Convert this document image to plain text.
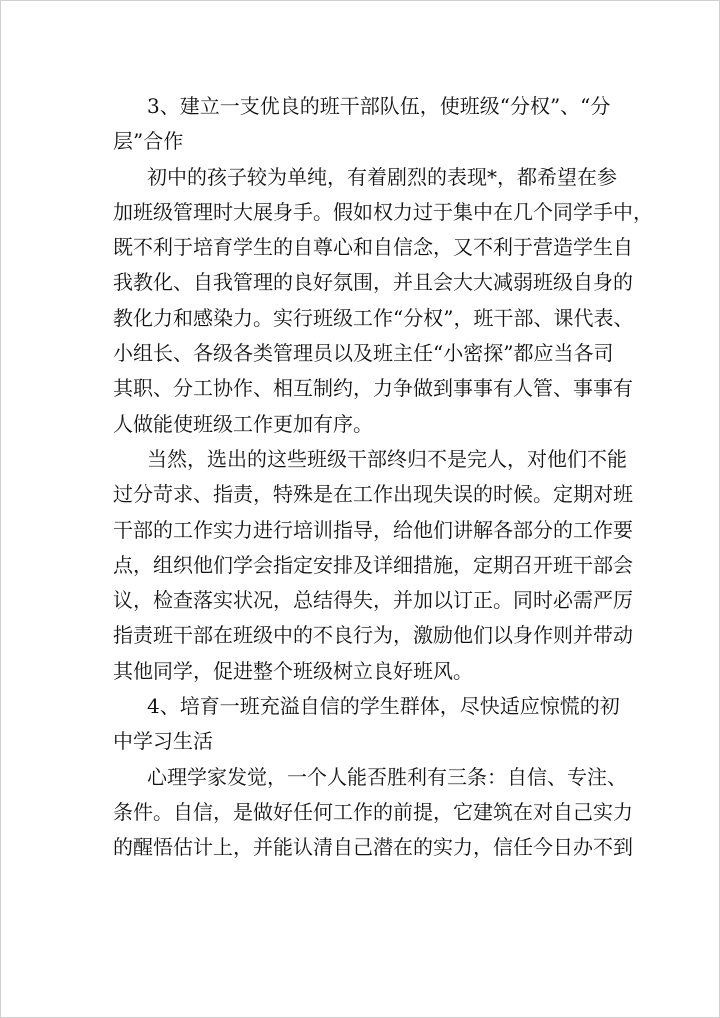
3、建立一支优良的班干部队伍，使班级“分权”、“分
层”合作
初中的孩子较为单纯，有着剧烈的表现*，都希望在参
加班级管理时大展身手。假如权力过于集中在几个同学手中，
既不利于培育学生的自尊心和自信念，又不利于营造学生自
我教化、自我管理的良好氛围，并且会大大减弱班级自身的
教化力和感染力。实行班级工作“分权”，班干部、课代表、
小组长、各级各类管理员以及班主任“小密探”都应当各司
其职、分工协作、相互制约，力争做到事事有人管、事事有
人做能使班级工作更加有序。
当然，选出的这些班级干部终归不是完人，对他们不能
过分苛求、指责，特殊是在工作出现失误的时候。定期对班
干部的工作实力进行培训指导，给他们讲解各部分的工作要
点，组织他们学会指定安排及详细措施，定期召开班干部会
议，检查落实状况，总结得失，并加以订正。同时必需严厉
指责班干部在班级中的不良行为，激励他们以身作则并带动
其他同学，促进整个班级树立良好班风。
4、培育一班充溢自信的学生群体，尽快适应惊慌的初
中学习生活
心理学家发觉，一个人能否胜利有三条：自信、专注、
条件。自信，是做好任何工作的前提，它建筑在对自己实力
的醒悟估计上，并能认清自己潜在的实力，信任今日办不到
